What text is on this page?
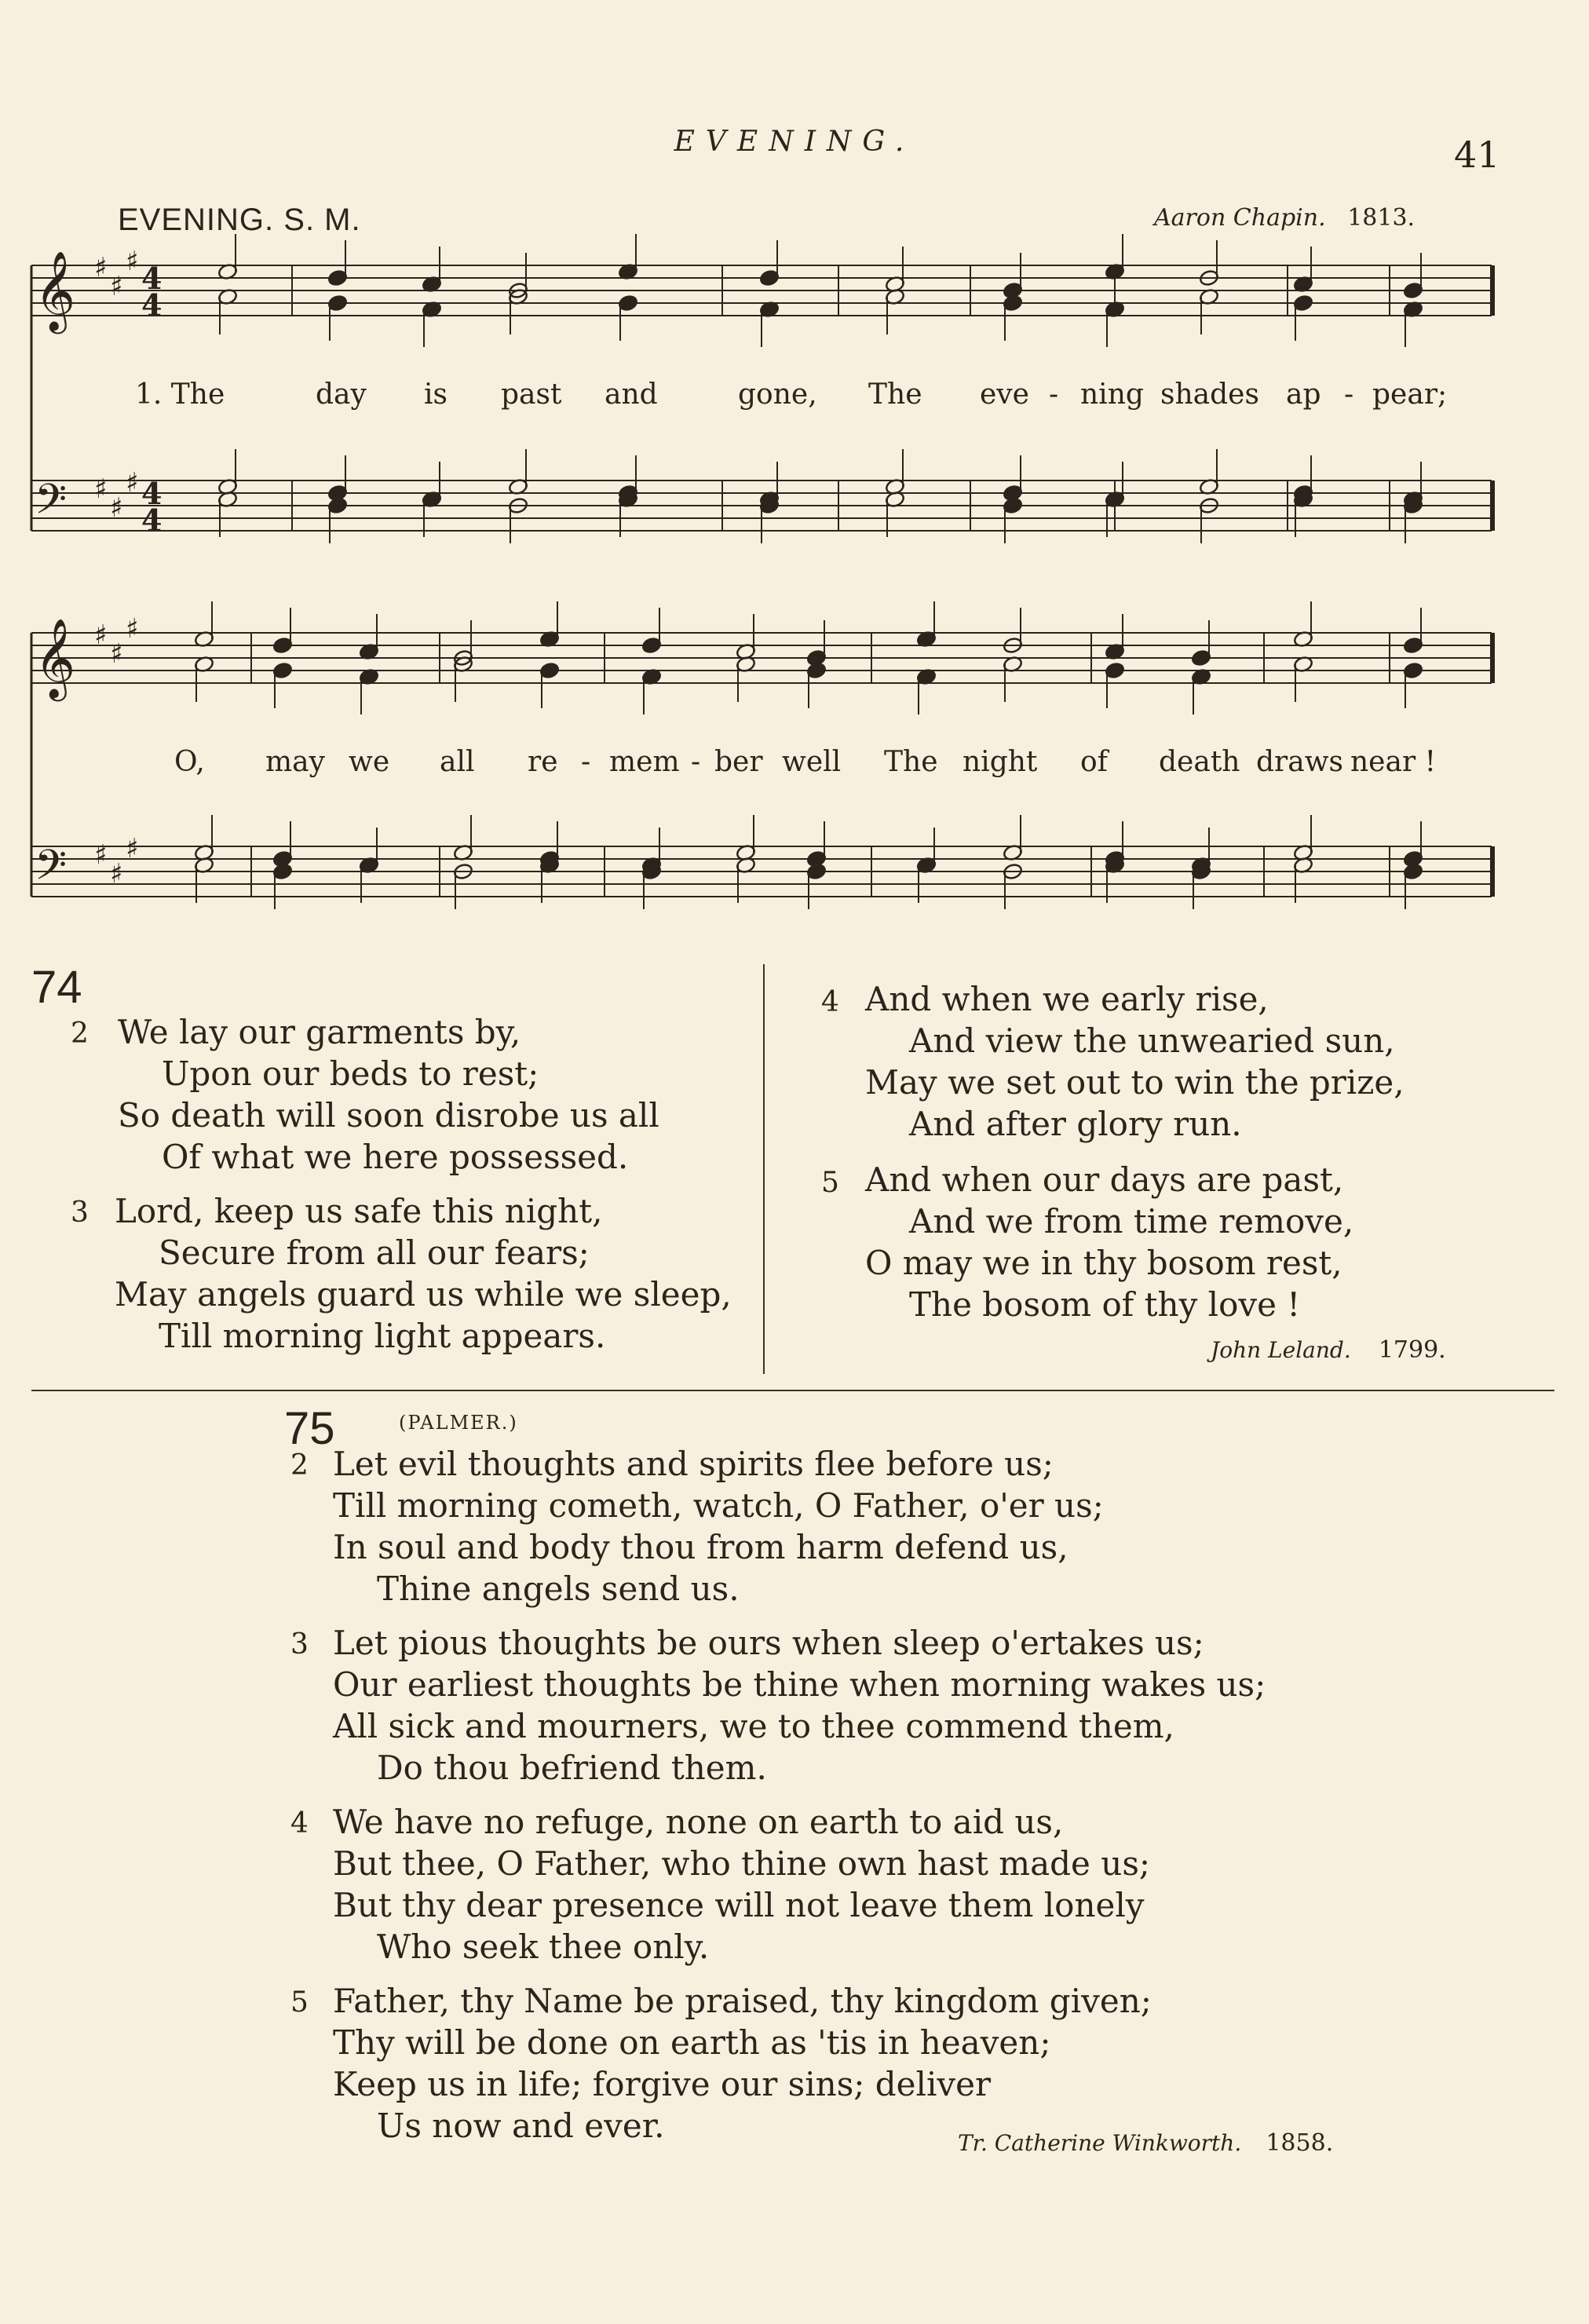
EVENING.	41
EVENING. S. M.	Aaron Chapin. 1813.
𝄞
𝄢
♯
♯
♯
♯
♯
♯
4
4
4
4
𝄞
𝄢
♯
♯
♯
♯
♯
♯
1. The	day is past and	gone, The eve - ning shades ap - pear;
O, may we all re - mem - ber well The night of death draws near !
74
2 We lay our garments by,
Upon our beds to rest;
So death will soon disrobe us all
Of what we here possessed.
3 Lord, keep us safe this night,
Secure from all our fears;
May angels guard us while we sleep,
Till morning light appears.
4 And when we early rise,
And view the unwearied sun,
May we set out to win the prize,
And after glory run.
5 And when our days are past,
And we from time remove,
O may we in thy bosom rest,
The bosom of thy love !
John Leland. 1799.
75	(PALMER.)
2 Let evil thoughts and spirits flee before us;
Till morning cometh, watch, O Father, o'er us;
In soul and body thou from harm defend us,
Thine angels send us.
3 Let pious thoughts be ours when sleep o'ertakes us;
Our earliest thoughts be thine when morning wakes us;
All sick and mourners, we to thee commend them,
Do thou befriend them.
4 We have no refuge, none on earth to aid us,
But thee, O Father, who thine own hast made us;
But thy dear presence will not leave them lonely
Who seek thee only.
5 Father, thy Name be praised, thy kingdom given;
Thy will be done on earth as 'tis in heaven;
Keep us in life; forgive our sins; deliver
Us now and ever.	Tr. Catherine Winkworth. 1858.
